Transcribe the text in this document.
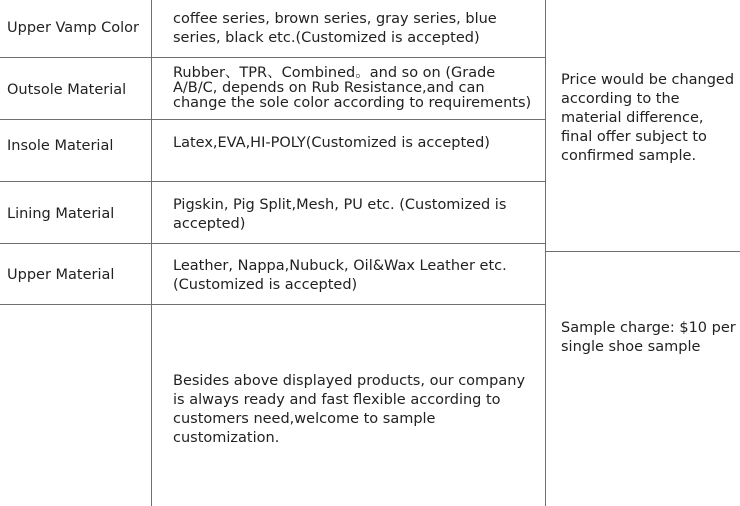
Upper Vamp Color
coffee series, brown series, gray series, blue series, black etc.(Customized is accepted)
Outsole Material
Rubber、TPR、Combined。and so on (Grade A/B/C, depends on Rub Resistance,and can change the sole color according to requirements)
Insole Material	Latex,EVA,HI-POLY(Customized is accepted)
Lining Material
Pigskin, Pig Split,Mesh, PU etc. (Customized is accepted)
Upper Material
Leather, Nappa,Nubuck, Oil&Wax Leather etc. (Customized is accepted)
Besides above displayed products, our company is always ready and fast flexible according to customers need,welcome to sample customization.
Price would be changed according to the material difference, final offer subject to confirmed sample.
Sample charge: $10 per single shoe sample
